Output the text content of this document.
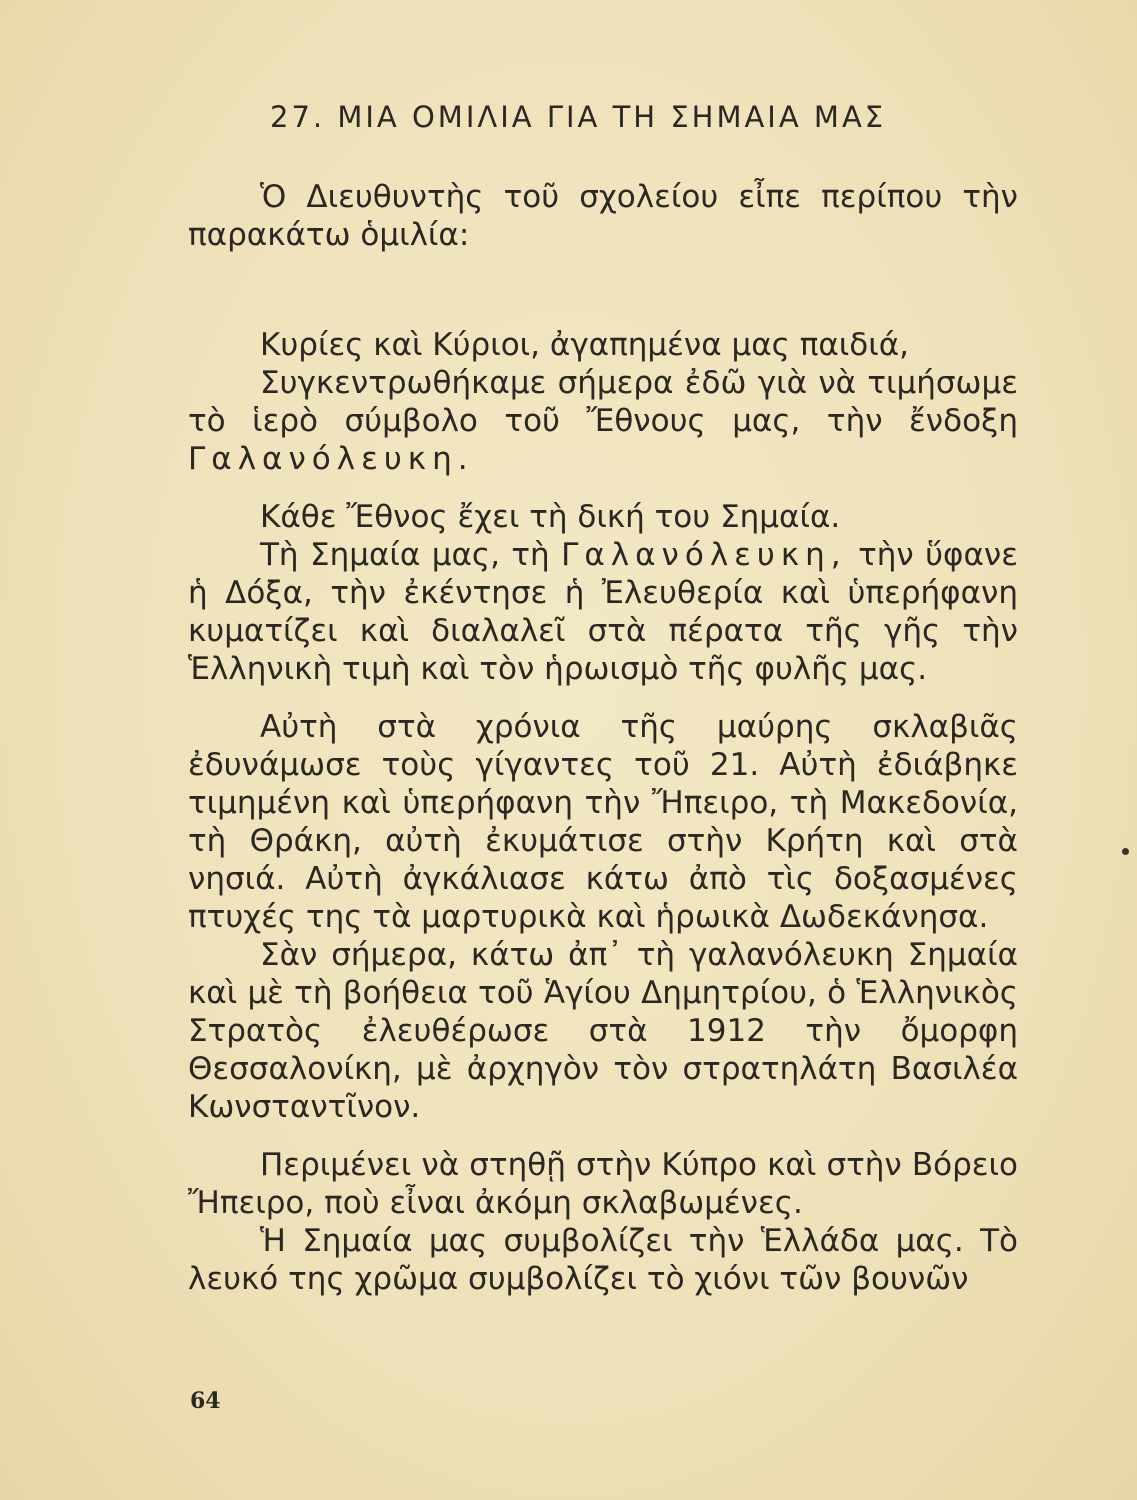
27. ΜΙΑ ΟΜΙΛΙΑ ΓΙΑ ΤΗ ΣΗΜΑΙΑ ΜΑΣ

Ὁ Διευθυντὴς τοῦ σχολείου εἶπε περίπου τὴν παρακάτω ὁμιλία:

Κυρίες καὶ Κύριοι, ἀγαπημένα μας παιδιά,

Συγκεντρωθήκαμε σήμερα ἐδῶ γιὰ νὰ τιμήσωμε τὸ ἱερὸ σύμβολο τοῦ Ἔθνους μας, τὴν ἔνδοξη Γαλανόλευκη.

Κάθε Ἔθνος ἔχει τὴ δική του Σημαία.

Τὴ Σημαία μας, τὴ Γαλανόλευκη, τὴν ὕφανε ἡ Δόξα, τὴν ἐκέντησε ἡ Ἐλευθερία καὶ ὑπερήφανη κυματίζει καὶ διαλαλεῖ στὰ πέρατα τῆς γῆς τὴν Ἑλληνικὴ τιμὴ καὶ τὸν ἡρωισμὸ τῆς φυλῆς μας.

Αὐτὴ στὰ χρόνια τῆς μαύρης σκλαβιᾶς ἐδυνάμωσε τοὺς γίγαντες τοῦ 21. Αὐτὴ ἐδιάβηκε τιμημένη καὶ ὑπερήφανη τὴν Ἤπειρο, τὴ Μακεδονία, τὴ Θράκη, αὐτὴ ἐκυμάτισε στὴν Κρήτη καὶ στὰ νησιά. Αὐτὴ ἀγκάλιασε κάτω ἀπὸ τὶς δοξασμένες πτυχές της τὰ μαρτυρικὰ καὶ ἡρωικὰ Δωδεκάνησα.

Σὰν σήμερα, κάτω ἀπ᾽ τὴ γαλανόλευκη Σημαία καὶ μὲ τὴ βοήθεια τοῦ Ἁγίου Δημητρίου, ὁ Ἑλληνικὸς Στρατὸς ἐλευθέρωσε στὰ 1912 τὴν ὄμορφη Θεσσαλονίκη, μὲ ἀρχηγὸν τὸν στρατηλάτη Βασιλέα Κωνσταντῖνον.

Περιμένει νὰ στηθῇ στὴν Κύπρο καὶ στὴν Βόρειο Ἤπειρο, ποὺ εἶναι ἀκόμη σκλαβωμένες.

Ἡ Σημαία μας συμβολίζει τὴν Ἑλλάδα μας. Τὸ λευκό της χρῶμα συμβολίζει τὸ χιόνι τῶν βουνῶν

64
